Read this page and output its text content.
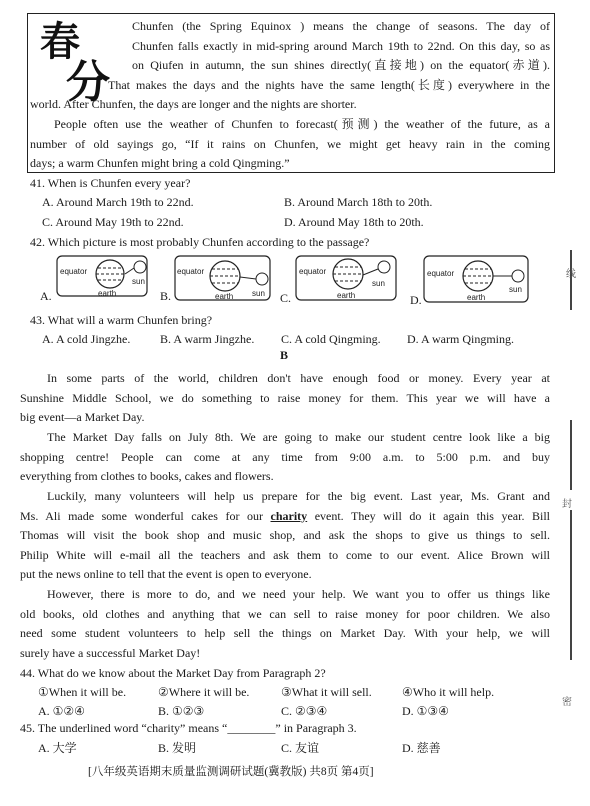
春
分
Chunfen (the Spring Equinox ) means the change of seasons. The day of
Chunfen falls exactly in mid-spring around March 19th to 22nd. On this day, so as
on Qiufen in autumn, the sun shines directly(直接地) on the equator(赤道).
That makes the days and the nights have the same length(长度) everywhere in the
world. After Chunfen, the days are longer and the nights are shorter.
People often use the weather of Chunfen to forecast(预测) the weather of the future, as a
number of old sayings go, “If it rains on Chunfen, we might get heavy rain in the coming
days; a warm Chunfen might bring a cold Qingming.”
41. When is Chunfen every year?
A. Around March 19th to 22nd.	B. Around March 18th to 20th.
C. Around May 19th to 22nd.	D. Around May 18th to 20th.
42. Which picture is most probably Chunfen according to the passage?
A.
equator
earth
sun
B.
equator
earth sun C.
equator
earth
sun
D.
equator
earth
sun
43. What will a warm Chunfen bring?
A. A cold Jingzhe. B. A warm Jingzhe. C. A cold Qingming. D. A warm Qingming.
B
In some parts of the world, children don't have enough food or money. Every year at
Sunshine Middle School, we do something to raise money for them. This year we will have a
big event—a Market Day.
The Market Day falls on July 8th. We are going to make our student centre look like a big
shopping centre! People can come at any time from 9:00 a.m. to 5:00 p.m. and buy
everything from clothes to books, cakes and flowers.
Luckily, many volunteers will help us prepare for the big event. Last year, Ms. Grant and
Ms. Ali made some wonderful cakes for our charity event. They will do it again this year. Bill
Thomas will visit the book shop and music shop, and ask the shops to give us things to sell.
Philip White will e-mail all the teachers and ask them to come to our event. Alice Brown will
put the news online to tell that the event is open to everyone.
However, there is more to do, and we need your help. We want you to offer us things like
old books, old clothes and anything that we can sell to raise money for poor children. We also
need some student volunteers to help sell the things on Market Day. With your help, we will
surely have a successful Market Day!
44. What do we know about the Market Day from Paragraph 2?
①When it will be.	②Where it will be.	③What it will sell.	④Who it will help.
A. ①②④	B. ①②③	C. ②③④	D. ①③④
45. The underlined word “charity” means “________” in Paragraph 3.
A. 大学	B. 发明	C. 友谊	D. 慈善
[八年级英语期末质量监测调研试题(冀教版) 共8页 第4页]
线
封
密
